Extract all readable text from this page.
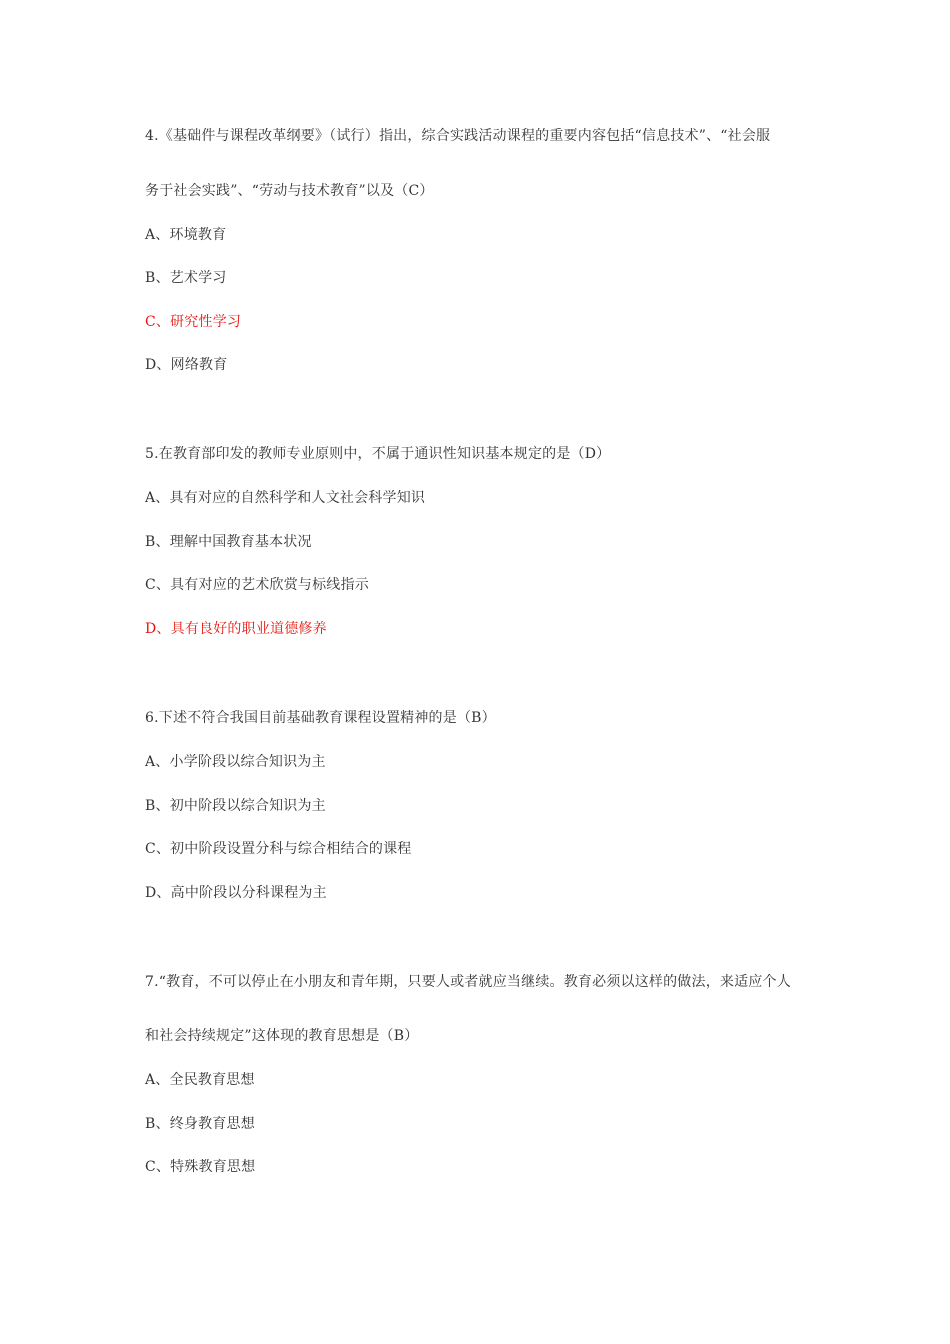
4.《基础件与课程改革纲要》（试行）指出，综合实践活动课程的重要内容包括“信息技术”、“社会服
务于社会实践”、“劳动与技术教育”以及（C）
A、环境教育
B、艺术学习
C、研究性学习
D、网络教育
5.在教育部印发的教师专业原则中，不属于通识性知识基本规定的是（D）
A、具有对应的自然科学和人文社会科学知识
B、理解中国教育基本状况
C、具有对应的艺术欣赏与标线指示
D、具有良好的职业道德修养
6.下述不符合我国目前基础教育课程设置精神的是（B）
A、小学阶段以综合知识为主
B、初中阶段以综合知识为主
C、初中阶段设置分科与综合相结合的课程
D、高中阶段以分科课程为主
7.“教育，不可以停止在小朋友和青年期，只要人或者就应当继续。教育必须以这样的做法，来适应个人
和社会持续规定”这体现的教育思想是（B）
A、全民教育思想
B、终身教育思想
C、特殊教育思想
